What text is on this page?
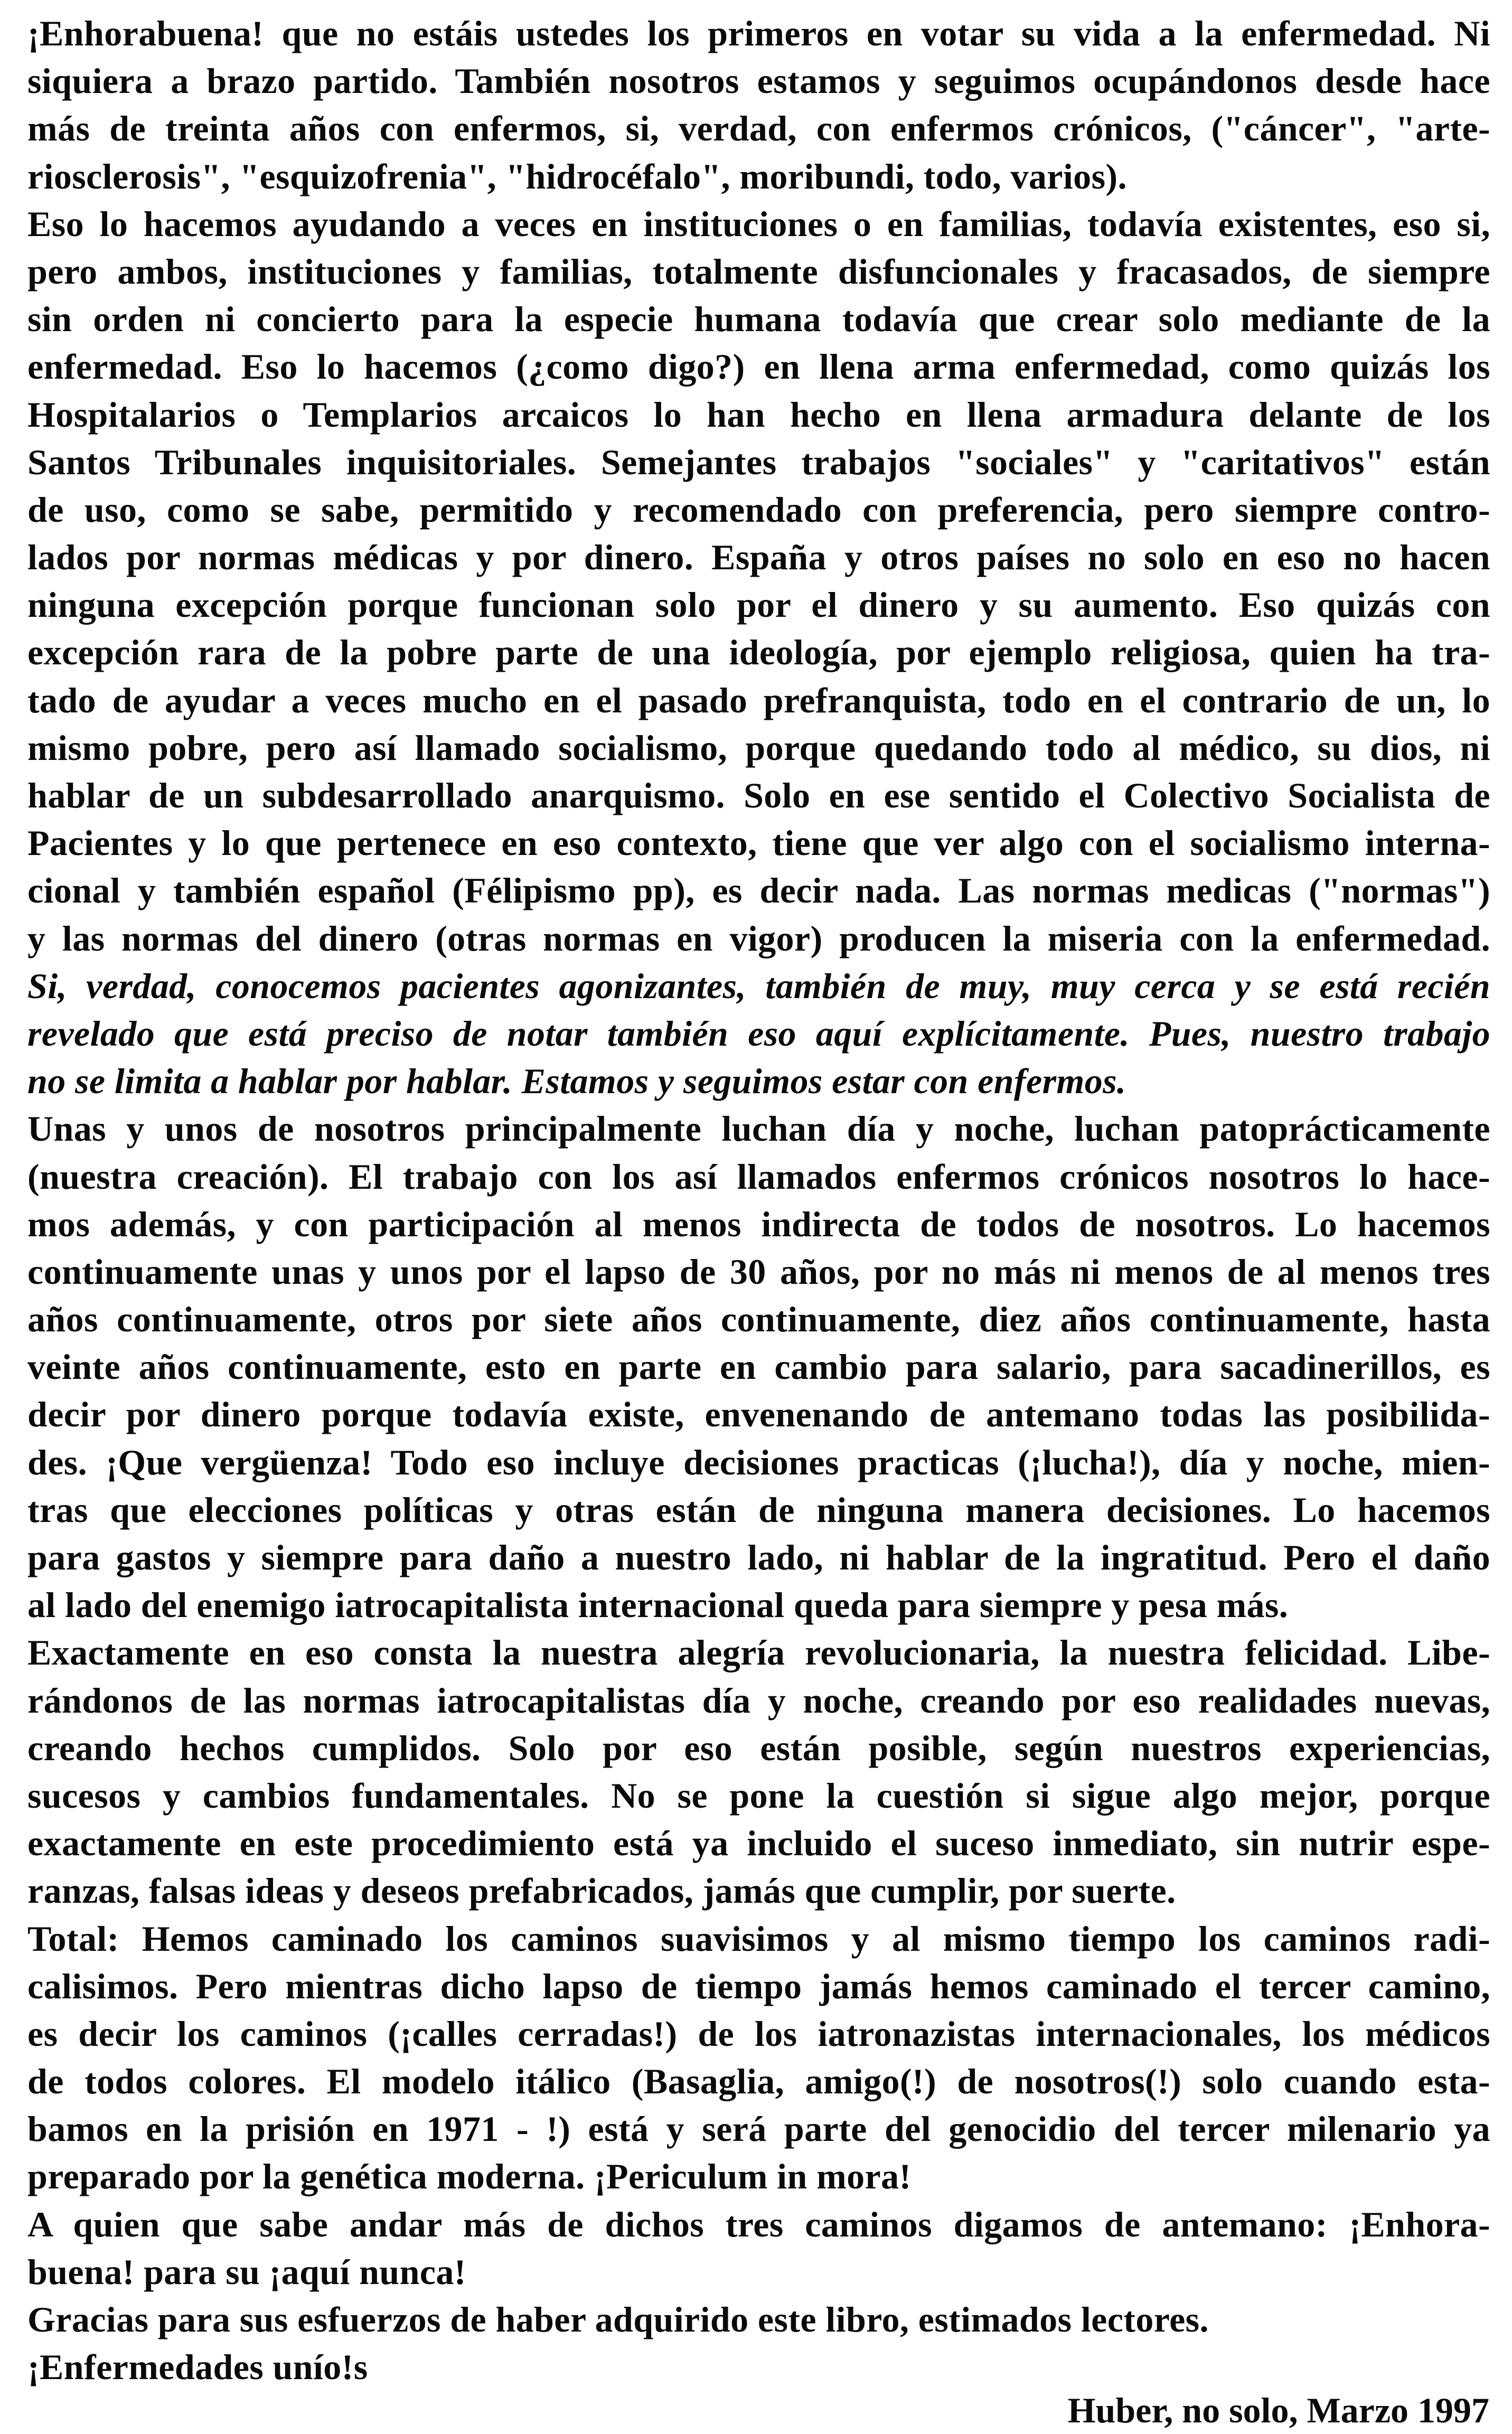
¡Enhorabuena! que no estáis ustedes los primeros en votar su vida a la enfermedad. Ni
siquiera a brazo partido. También nosotros estamos y seguimos ocupándonos desde hace
más de treinta años con enfermos, si, verdad, con enfermos crónicos, ("cáncer", "arte-
riosclerosis", "esquizofrenia", "hidrocéfalo", moribundi, todo, varios).
Eso lo hacemos ayudando a veces en instituciones o en familias, todavía existentes, eso si,
pero ambos, instituciones y familias, totalmente disfuncionales y fracasados, de siempre
sin orden ni concierto para la especie humana todavía que crear solo mediante de la
enfermedad. Eso lo hacemos (¿como digo?) en llena arma enfermedad, como quizás los
Hospitalarios o Templarios arcaicos lo han hecho en llena armadura delante de los
Santos Tribunales inquisitoriales. Semejantes trabajos "sociales" y "caritativos" están
de uso, como se sabe, permitido y recomendado con preferencia, pero siempre contro-
lados por normas médicas y por dinero. España y otros países no solo en eso no hacen
ninguna excepción porque funcionan solo por el dinero y su aumento. Eso quizás con
excepción rara de la pobre parte de una ideología, por ejemplo religiosa, quien ha tra-
tado de ayudar a veces mucho en el pasado prefranquista, todo en el contrario de un, lo
mismo pobre, pero así llamado socialismo, porque quedando todo al médico, su dios, ni
hablar de un subdesarrollado anarquismo. Solo en ese sentido el Colectivo Socialista de
Pacientes y lo que pertenece en eso contexto, tiene que ver algo con el socialismo interna-
cional y también español (Félipismo pp), es decir nada. Las normas medicas ("normas")
y las normas del dinero (otras normas en vigor) producen la miseria con la enfermedad.
Si, verdad, conocemos pacientes agonizantes, también de muy, muy cerca y se está recién
revelado que está preciso de notar también eso aquí explícitamente. Pues, nuestro trabajo
no se limita a hablar por hablar. Estamos y seguimos estar con enfermos.
Unas y unos de nosotros principalmente luchan día y noche, luchan patoprácticamente
(nuestra creación). El trabajo con los así llamados enfermos crónicos nosotros lo hace-
mos además, y con participación al menos indirecta de todos de nosotros. Lo hacemos
continuamente unas y unos por el lapso de 30 años, por no más ni menos de al menos tres
años continuamente, otros por siete años continuamente, diez años continuamente, hasta
veinte años continuamente, esto en parte en cambio para salario, para sacadinerillos, es
decir por dinero porque todavía existe, envenenando de antemano todas las posibilida-
des. ¡Que vergüenza! Todo eso incluye decisiones practicas (¡lucha!), día y noche, mien-
tras que elecciones políticas y otras están de ninguna manera decisiones. Lo hacemos
para gastos y siempre para daño a nuestro lado, ni hablar de la ingratitud. Pero el daño
al lado del enemigo iatrocapitalista internacional queda para siempre y pesa más.
Exactamente en eso consta la nuestra alegría revolucionaria, la nuestra felicidad. Libe-
rándonos de las normas iatrocapitalistas día y noche, creando por eso realidades nuevas,
creando hechos cumplidos. Solo por eso están posible, según nuestros experiencias,
sucesos y cambios fundamentales. No se pone la cuestión si sigue algo mejor, porque
exactamente en este procedimiento está ya incluido el suceso inmediato, sin nutrir espe-
ranzas, falsas ideas y deseos prefabricados, jamás que cumplir, por suerte.
Total: Hemos caminado los caminos suavisimos y al mismo tiempo los caminos radi-
calisimos. Pero mientras dicho lapso de tiempo jamás hemos caminado el tercer camino,
es decir los caminos (¡calles cerradas!) de los iatronazistas internacionales, los médicos
de todos colores. El modelo itálico (Basaglia, amigo(!) de nosotros(!) solo cuando esta-
bamos en la prisión en 1971 - !) está y será parte del genocidio del tercer milenario ya
preparado por la genética moderna. ¡Periculum in mora!
A quien que sabe andar más de dichos tres caminos digamos de antemano: ¡Enhora-
buena! para su ¡aquí nunca!
Gracias para sus esfuerzos de haber adquirido este libro, estimados lectores.
¡Enfermedades unío!s
Huber, no solo, Marzo 1997
